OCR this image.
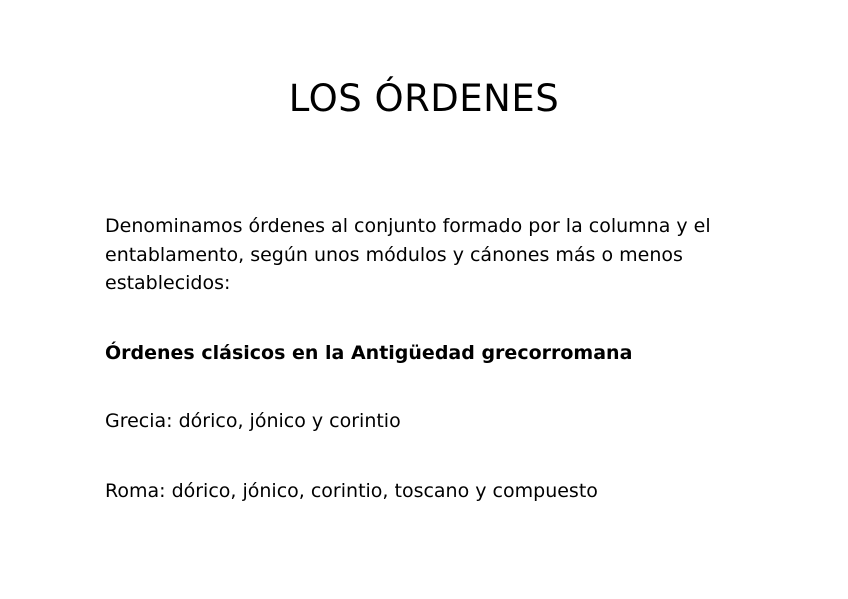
LOS ÓRDENES

Denominamos órdenes al conjunto formado por la columna y el entablamento, según unos módulos y cánones más o menos establecidos:

Órdenes clásicos en la Antigüedad grecorromana

Grecia: dórico, jónico y corintio

Roma: dórico, jónico, corintio, toscano y compuesto
